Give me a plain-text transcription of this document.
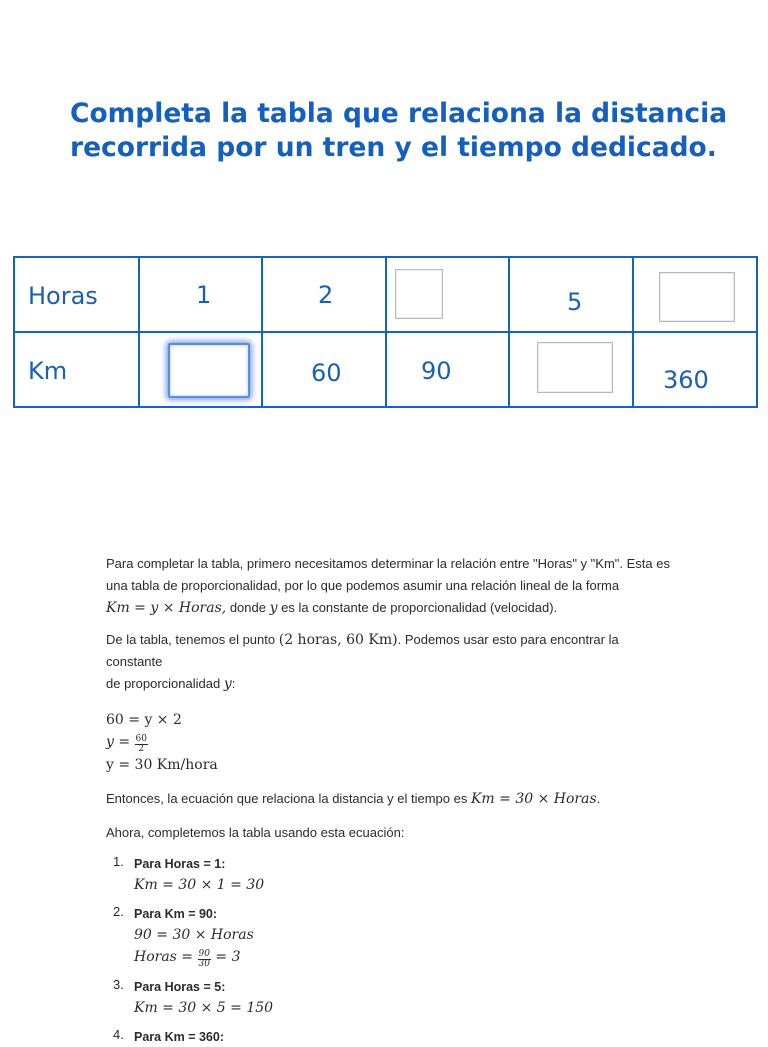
Completa la tabla que relaciona la distancia
recorrida por un tren y el tiempo dedicado.
Horas	1	2		5	

Km		60	90		360

Para completar la tabla, primero necesitamos determinar la relación entre "Horas" y "Km". Esta es
una tabla de proporcionalidad, por lo que podemos asumir una relación lineal de la forma
Km = y × Horas, donde y es la constante de proporcionalidad (velocidad).

De la tabla, tenemos el punto (2 horas, 60 Km). Podemos usar esto para encontrar la constante
de proporcionalidad y:

60 = y × 2
$y = \frac{60}{2}$
y = 30 Km/hora

Entonces, la ecuación que relaciona la distancia y el tiempo es Km = 30 × Horas.

Ahora, completemos la tabla usando esta ecuación:

1. Para Horas = 1:
Km = 30 × 1 = 30
2. Para Km = 90:
90 = 30 × Horas
Horas = $\frac{90}{30} = 3$
3. Para Horas = 5:
Km = 30 × 5 = 150
4. Para Km = 360:
